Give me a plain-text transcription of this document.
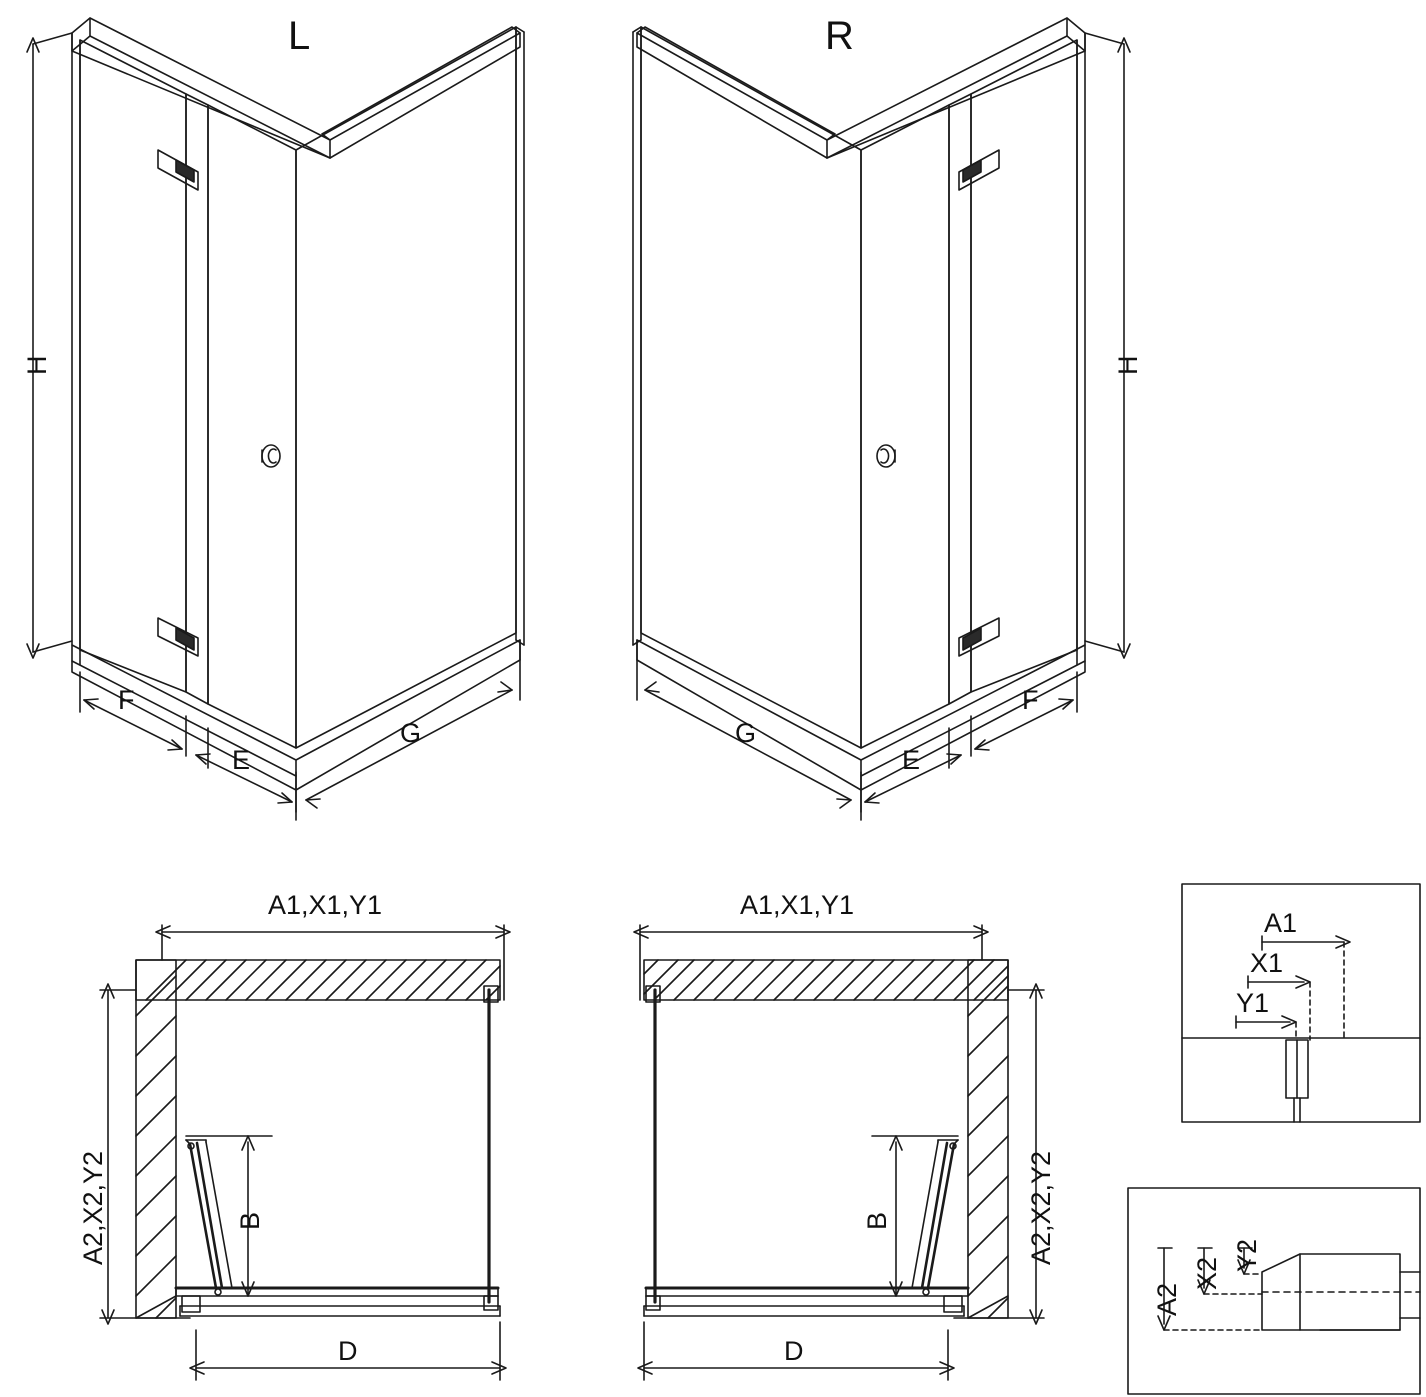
L	R
H	H
F
E
G
F
E
G
A1,X1,Y1
A2,X2,Y2	B
D
A1,X1,Y1
A2,X2,Y2
B
D
A1
X1
Y1
A2
X2
Y2
